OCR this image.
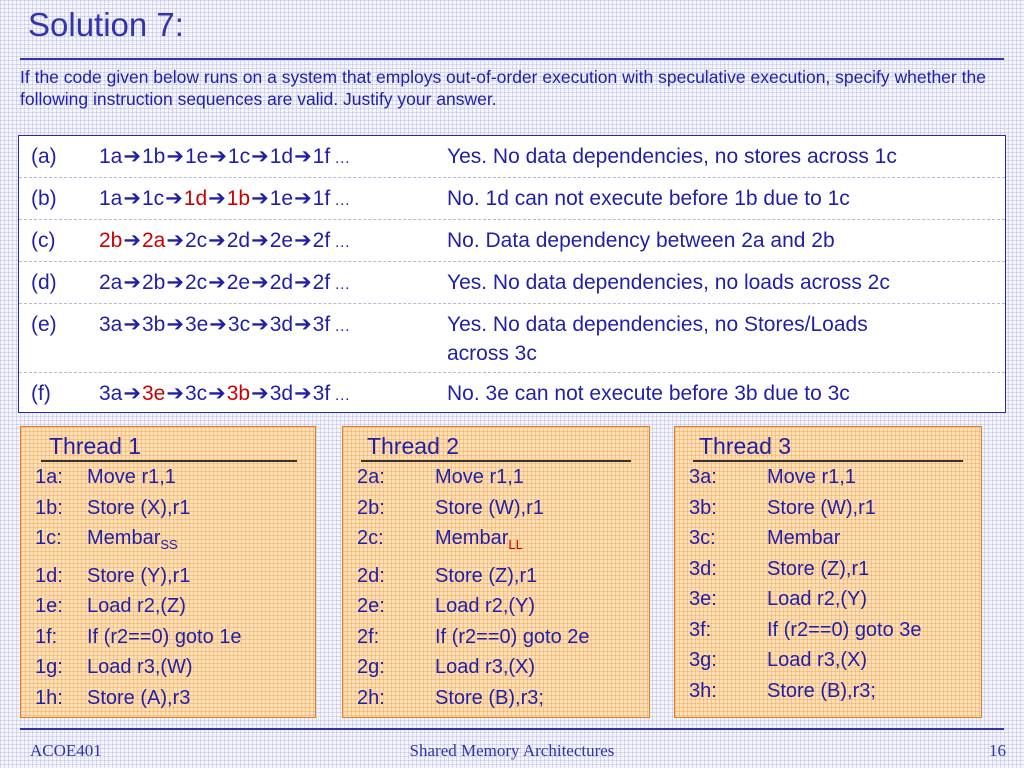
Solution 7:
If the code given below runs on a system that employs out-of-order execution with speculative execution, specify whether the following instruction sequences are valid. Justify your answer.
(a)	1a➔1b➔1e➔1c➔1d➔1f …	Yes. No data dependencies, no stores across 1c
(b)	1a➔1c➔1d➔1b➔1e➔1f …	No. 1d can not execute before 1b due to 1c
(c)	2b➔2a➔2c➔2d➔2e➔2f …	No. Data dependency between 2a and 2b
(d)	2a➔2b➔2c➔2e➔2d➔2f …	Yes. No data dependencies, no loads across 2c
(e)	3a➔3b➔3e➔3c➔3d➔3f …	Yes. No data dependencies, no Stores/Loads
across 3c
(f)	3a➔3e➔3c➔3b➔3d➔3f …	No. 3e can not execute before 3b due to 3c
Thread 1
1a:	Move r1,1
1b:	Store (X),r1
1c:	Membar$_{SS}$
1d:	Store (Y),r1
1e:	Load r2,(Z)
1f:	If (r2==0) goto 1e
1g:	Load r3,(W)
1h:	Store (A),r3
Thread 2
2a:	Move r1,1
2b:	Store (W),r1
2c:	Membar$_{LL}$
2d:	Store (Z),r1
2e:	Load r2,(Y)
2f:	If (r2==0) goto 2e
2g:	Load r3,(X)
2h:	Store (B),r3;
Thread 3
3a:	Move r1,1
3b:	Store (W),r1
3c:	Membar
3d:	Store (Z),r1
3e:	Load r2,(Y)
3f:	If (r2==0) goto 3e
3g:	Load r3,(X)
3h:	Store (B),r3;
ACOE401	Shared Memory Architectures	16
